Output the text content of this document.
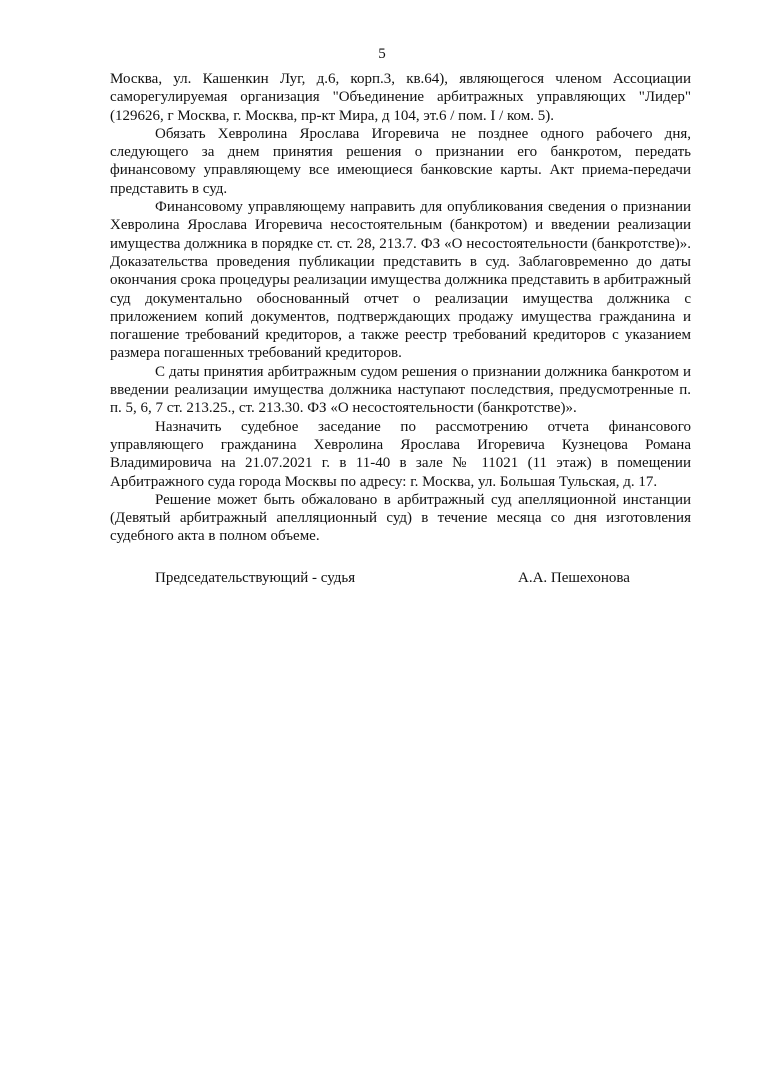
5

Москва, ул. Кашенкин Луг, д.6, корп.3, кв.64), являющегося членом Ассоциации саморегулируемая организация "Объединение арбитражных управляющих "Лидер" (129626, г Москва, г. Москва, пр-кт Мира, д 104, эт.6 / пом. I / ком. 5).

Обязать Хевролина Ярослава Игоревича не позднее одного рабочего дня, следующего за днем принятия решения о признании его банкротом, передать финансовому управляющему все имеющиеся банковские карты. Акт приема-передачи представить в суд.

Финансовому управляющему направить для опубликования сведения о признании Хевролина Ярослава Игоревича несостоятельным (банкротом) и введении реализации имущества должника в порядке ст. ст. 28, 213.7. ФЗ «О несостоятельности (банкротстве)». Доказательства проведения публикации представить в суд. Заблаговременно до даты окончания срока процедуры реализации имущества должника представить в арбитражный суд документально обоснованный отчет о реализации имущества должника с приложением копий документов, подтверждающих продажу имущества гражданина и погашение требований кредиторов, а также реестр требований кредиторов с указанием размера погашенных требований кредиторов.

С даты принятия арбитражным судом решения о признании должника банкротом и введении реализации имущества должника наступают последствия, предусмотренные п. п. 5, 6, 7 ст. 213.25., ст. 213.30. ФЗ «О несостоятельности (банкротстве)».

Назначить судебное заседание по рассмотрению отчета финансового управляющего гражданина Хевролина Ярослава Игоревича Кузнецова Романа Владимировича на 21.07.2021 г. в 11-40 в зале № 11021 (11 этаж) в помещении Арбитражного суда города Москвы по адресу: г. Москва, ул. Большая Тульская, д. 17.

Решение может быть обжаловано в арбитражный суд апелляционной инстанции (Девятый арбитражный апелляционный суд) в течение месяца со дня изготовления судебного акта в полном объеме.

Председательствующий - судья	А.А. Пешехонова
